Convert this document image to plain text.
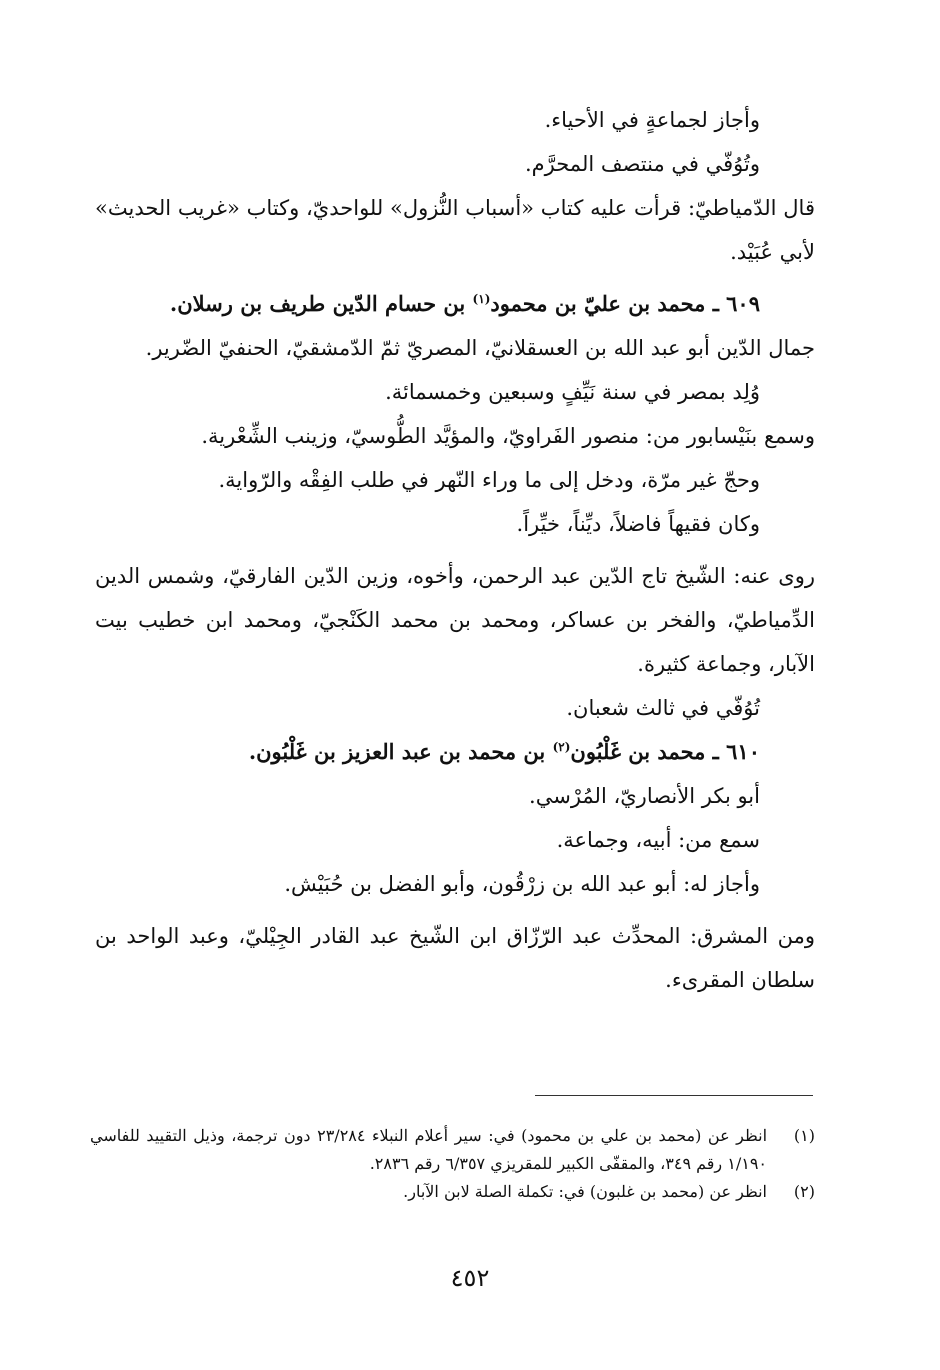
وأجاز لجماعةٍ في الأحياء.

وتُوُفّي في منتصف المحرَّم.

قال الدّمياطيّ: قرأت عليه كتاب «أسباب النُّزول» للواحديّ، وكتاب «غريب الحديث» لأبي عُبَيْد.

٦٠٩ ـ محمد بن عليّ بن محمود$^{(١)}$ بن حسام الدّين طريف بن رسلان.

جمال الدّين أبو عبد الله بن العسقلانيّ، المصريّ ثمّ الدّمشقيّ، الحنفيّ الضّرير.

وُلِد بمصر في سنة نَيِّفٍ وسبعين وخمسمائة.

وسمع بنَيْسابور من: منصور الفَراويّ، والمؤيَّد الطُّوسيّ، وزينب الشِّعْرية.

وحجّ غير مرّة، ودخل إلى ما وراء النّهر في طلب الفِقْه والرّواية.

وكان فقيهاً فاضلاً، ديِّناً، خيِّراً.

روى عنه: الشّيخ تاج الدّين عبد الرحمن، وأخوه، وزين الدّين الفارقيّ، وشمس الدين الدِّمياطيّ، والفخر بن عساكر، ومحمد بن محمد الكَنْجيّ، ومحمد ابن خطيب بيت الآبار، وجماعة كثيرة.

تُوُفّي في ثالث شعبان.

٦١٠ ـ محمد بن غَلْبُون$^{(٢)}$ بن محمد بن عبد العزيز بن غَلْبُون.

أبو بكر الأنصاريّ، المُرْسي.

سمع من: أبيه، وجماعة.

وأجاز له: أبو عبد الله بن زرْقُون، وأبو الفضل بن حُبَيْش.

ومن المشرق: المحدِّث عبد الرّزّاق ابن الشّيخ عبد القادر الجِيْليّ، وعبد الواحد بن سلطان المقرىء.

(١)
انظر عن (محمد بن علي بن محمود) في: سير أعلام النبلاء ٢٣/٢٨٤ دون ترجمة، وذيل التقييد للفاسي ١/١٩٠ رقم ٣٤٩، والمقفّى الكبير للمقريزي ٦/٣٥٧ رقم ٢٨٣٦.

(٢)
انظر عن (محمد بن غلبون) في: تكملة الصلة لابن الآبار.

٤٥٢
